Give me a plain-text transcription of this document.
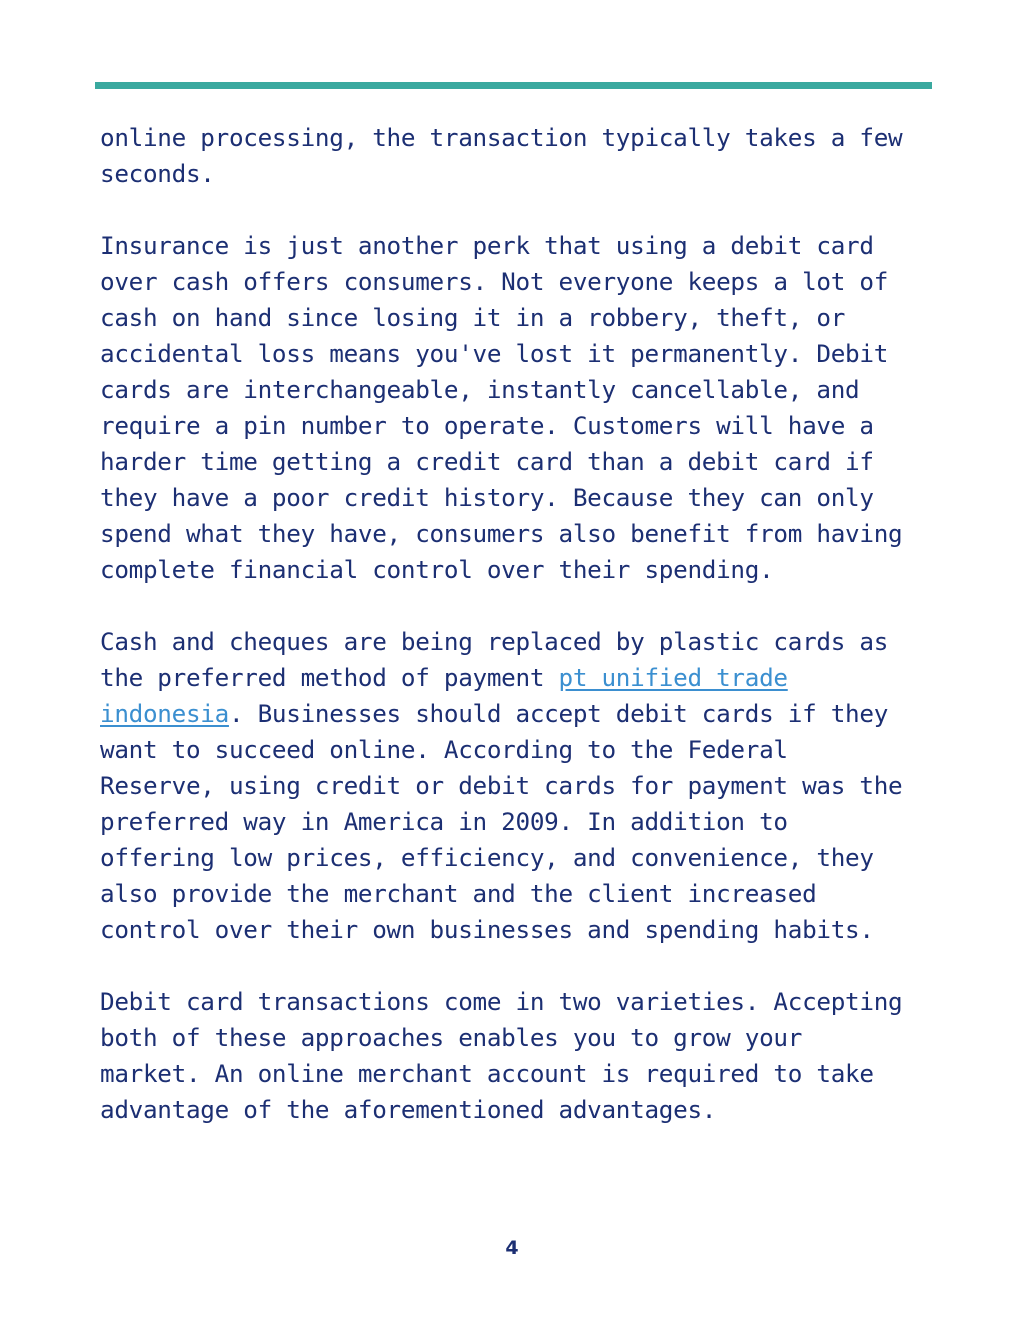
online processing, the transaction typically takes a few
seconds.
Insurance is just another perk that using a debit card
over cash offers consumers. Not everyone keeps a lot of
cash on hand since losing it in a robbery, theft, or
accidental loss means you've lost it permanently. Debit
cards are interchangeable, instantly cancellable, and
require a pin number to operate. Customers will have a
harder time getting a credit card than a debit card if
they have a poor credit history. Because they can only
spend what they have, consumers also benefit from having
complete financial control over their spending.
Cash and cheques are being replaced by plastic cards as
the preferred method of payment pt unified trade
indonesia. Businesses should accept debit cards if they
want to succeed online. According to the Federal
Reserve, using credit or debit cards for payment was the
preferred way in America in 2009. In addition to
offering low prices, efficiency, and convenience, they
also provide the merchant and the client increased
control over their own businesses and spending habits.
Debit card transactions come in two varieties. Accepting
both of these approaches enables you to grow your
market. An online merchant account is required to take
advantage of the aforementioned advantages.
4
